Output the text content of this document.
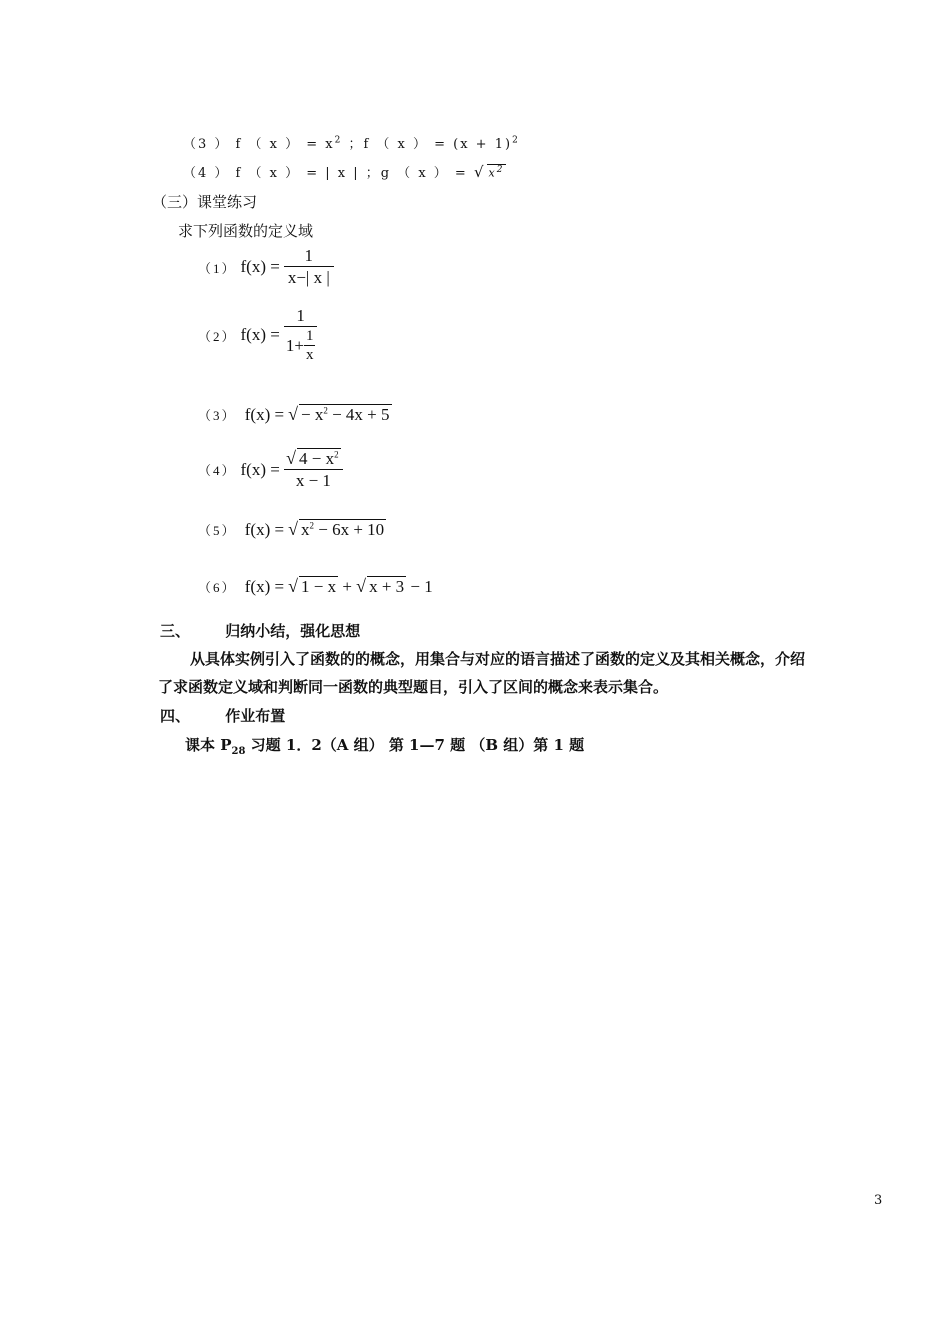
（3 ） f （ x ） = $x^2$ ；f （ x ） = $(x + 1)^2$
（4 ） f （ x ） = | x | ；g （ x ） = √ $x^2$
（三）课堂练习
求下列函数的定义域
（1） $f(x) = \frac{1}{x-| x |}$
（2） $f(x) = \frac{1}{1+ \frac{1}{x}}$
（3） f(x) = √ − $x^2 - 4x + 5$
（4） $f(x) = \frac{√ 4 - x^2}{x - 1}$
（5） f(x) = √ $x^2 - 6x + 10$
（6） f(x) = √ 1 − x + √ x + 3 − 1
三、 归纳小结，强化思想
从具体实例引入了函数的的概念，用集合与对应的语言描述了函数的定义及其相关概念，介绍
了求函数定义域和判断同一函数的典型题目，引入了区间的概念来表示集合。
四、 作业布置
课本 $P_{28}$ 习题 1．2（A 组） 第 1—7 题 （B 组）第 1 题
3
